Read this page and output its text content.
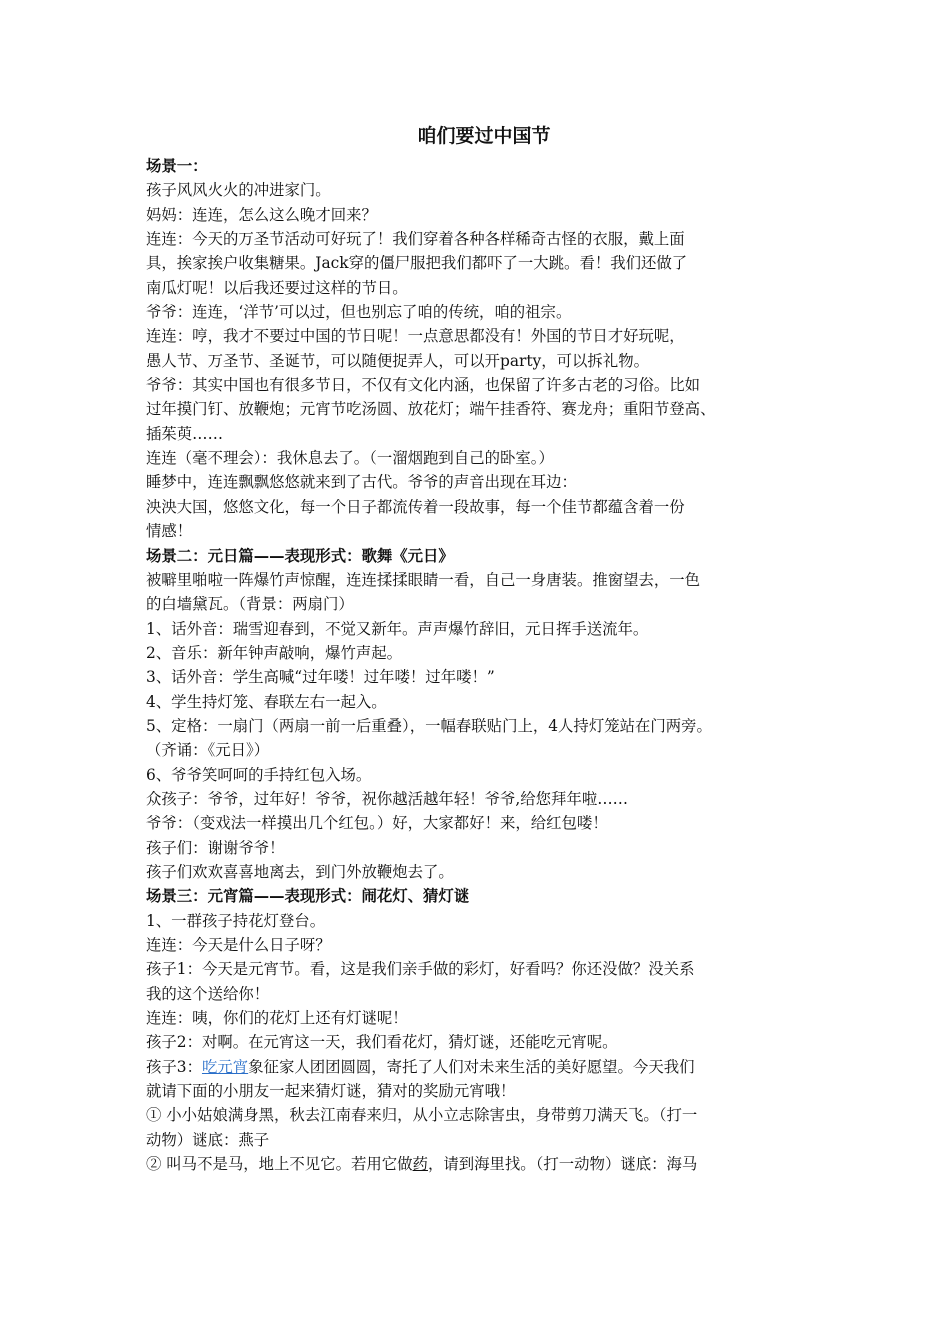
咱们要过中国节
场景一：
孩子风风火火的冲进家门。
妈妈：连连，怎么这么晚才回来？
连连：今天的万圣节活动可好玩了！我们穿着各种各样稀奇古怪的衣服，戴上面
具，挨家挨户收集糖果。Jack穿的僵尸服把我们都吓了一大跳。看！我们还做了
南瓜灯呢！以后我还要过这样的节日。
爷爷：连连，‘洋节’可以过，但也别忘了咱的传统，咱的祖宗。
连连：哼，我才不要过中国的节日呢！一点意思都没有！外国的节日才好玩呢，
愚人节、万圣节、圣诞节，可以随便捉弄人，可以开party，可以拆礼物。
爷爷：其实中国也有很多节日，不仅有文化内涵，也保留了许多古老的习俗。比如
过年摸门钉、放鞭炮；元宵节吃汤圆、放花灯；端午挂香符、赛龙舟；重阳节登高、
插茱萸……
连连（毫不理会）：我休息去了。（一溜烟跑到自己的卧室。）
睡梦中，连连飘飘悠悠就来到了古代。爷爷的声音出现在耳边：
泱泱大国，悠悠文化，每一个日子都流传着一段故事，每一个佳节都蕴含着一份
情感！
场景二：元日篇——表现形式：歌舞《元日》
被噼里啪啦一阵爆竹声惊醒，连连揉揉眼睛一看，自己一身唐装。推窗望去，一色
的白墙黛瓦。（背景：两扇门）
1、话外音：瑞雪迎春到，不觉又新年。声声爆竹辞旧，元日挥手送流年。
2、音乐：新年钟声敲响，爆竹声起。
3、话外音：学生高喊“过年喽！过年喽！过年喽！”
4、学生持灯笼、春联左右一起入。
5、定格：一扇门（两扇一前一后重叠），一幅春联贴门上，4人持灯笼站在门两旁。
（齐诵：《元日》）
6、爷爷笑呵呵的手持红包入场。
众孩子：爷爷，过年好！爷爷，祝你越活越年轻！爷爷,给您拜年啦……
爷爷：（变戏法一样摸出几个红包。）好，大家都好！来，给红包喽！
孩子们：谢谢爷爷！
孩子们欢欢喜喜地离去，到门外放鞭炮去了。
场景三：元宵篇——表现形式：闹花灯、猜灯谜
1、一群孩子持花灯登台。
连连：今天是什么日子呀？
孩子1：今天是元宵节。看，这是我们亲手做的彩灯，好看吗？你还没做？没关系
我的这个送给你！
连连：咦，你们的花灯上还有灯谜呢！
孩子2：对啊。在元宵这一天，我们看花灯，猜灯谜，还能吃元宵呢。
孩子3：吃元宵象征家人团团圆圆，寄托了人们对未来生活的美好愿望。今天我们
就请下面的小朋友一起来猜灯谜，猜对的奖励元宵哦！
① 小小姑娘满身黑，秋去江南春来归，从小立志除害虫，身带剪刀满天飞。（打一
动物）谜底：燕子
② 叫马不是马，地上不见它。若用它做药，请到海里找。（打一动物）谜底：海马
